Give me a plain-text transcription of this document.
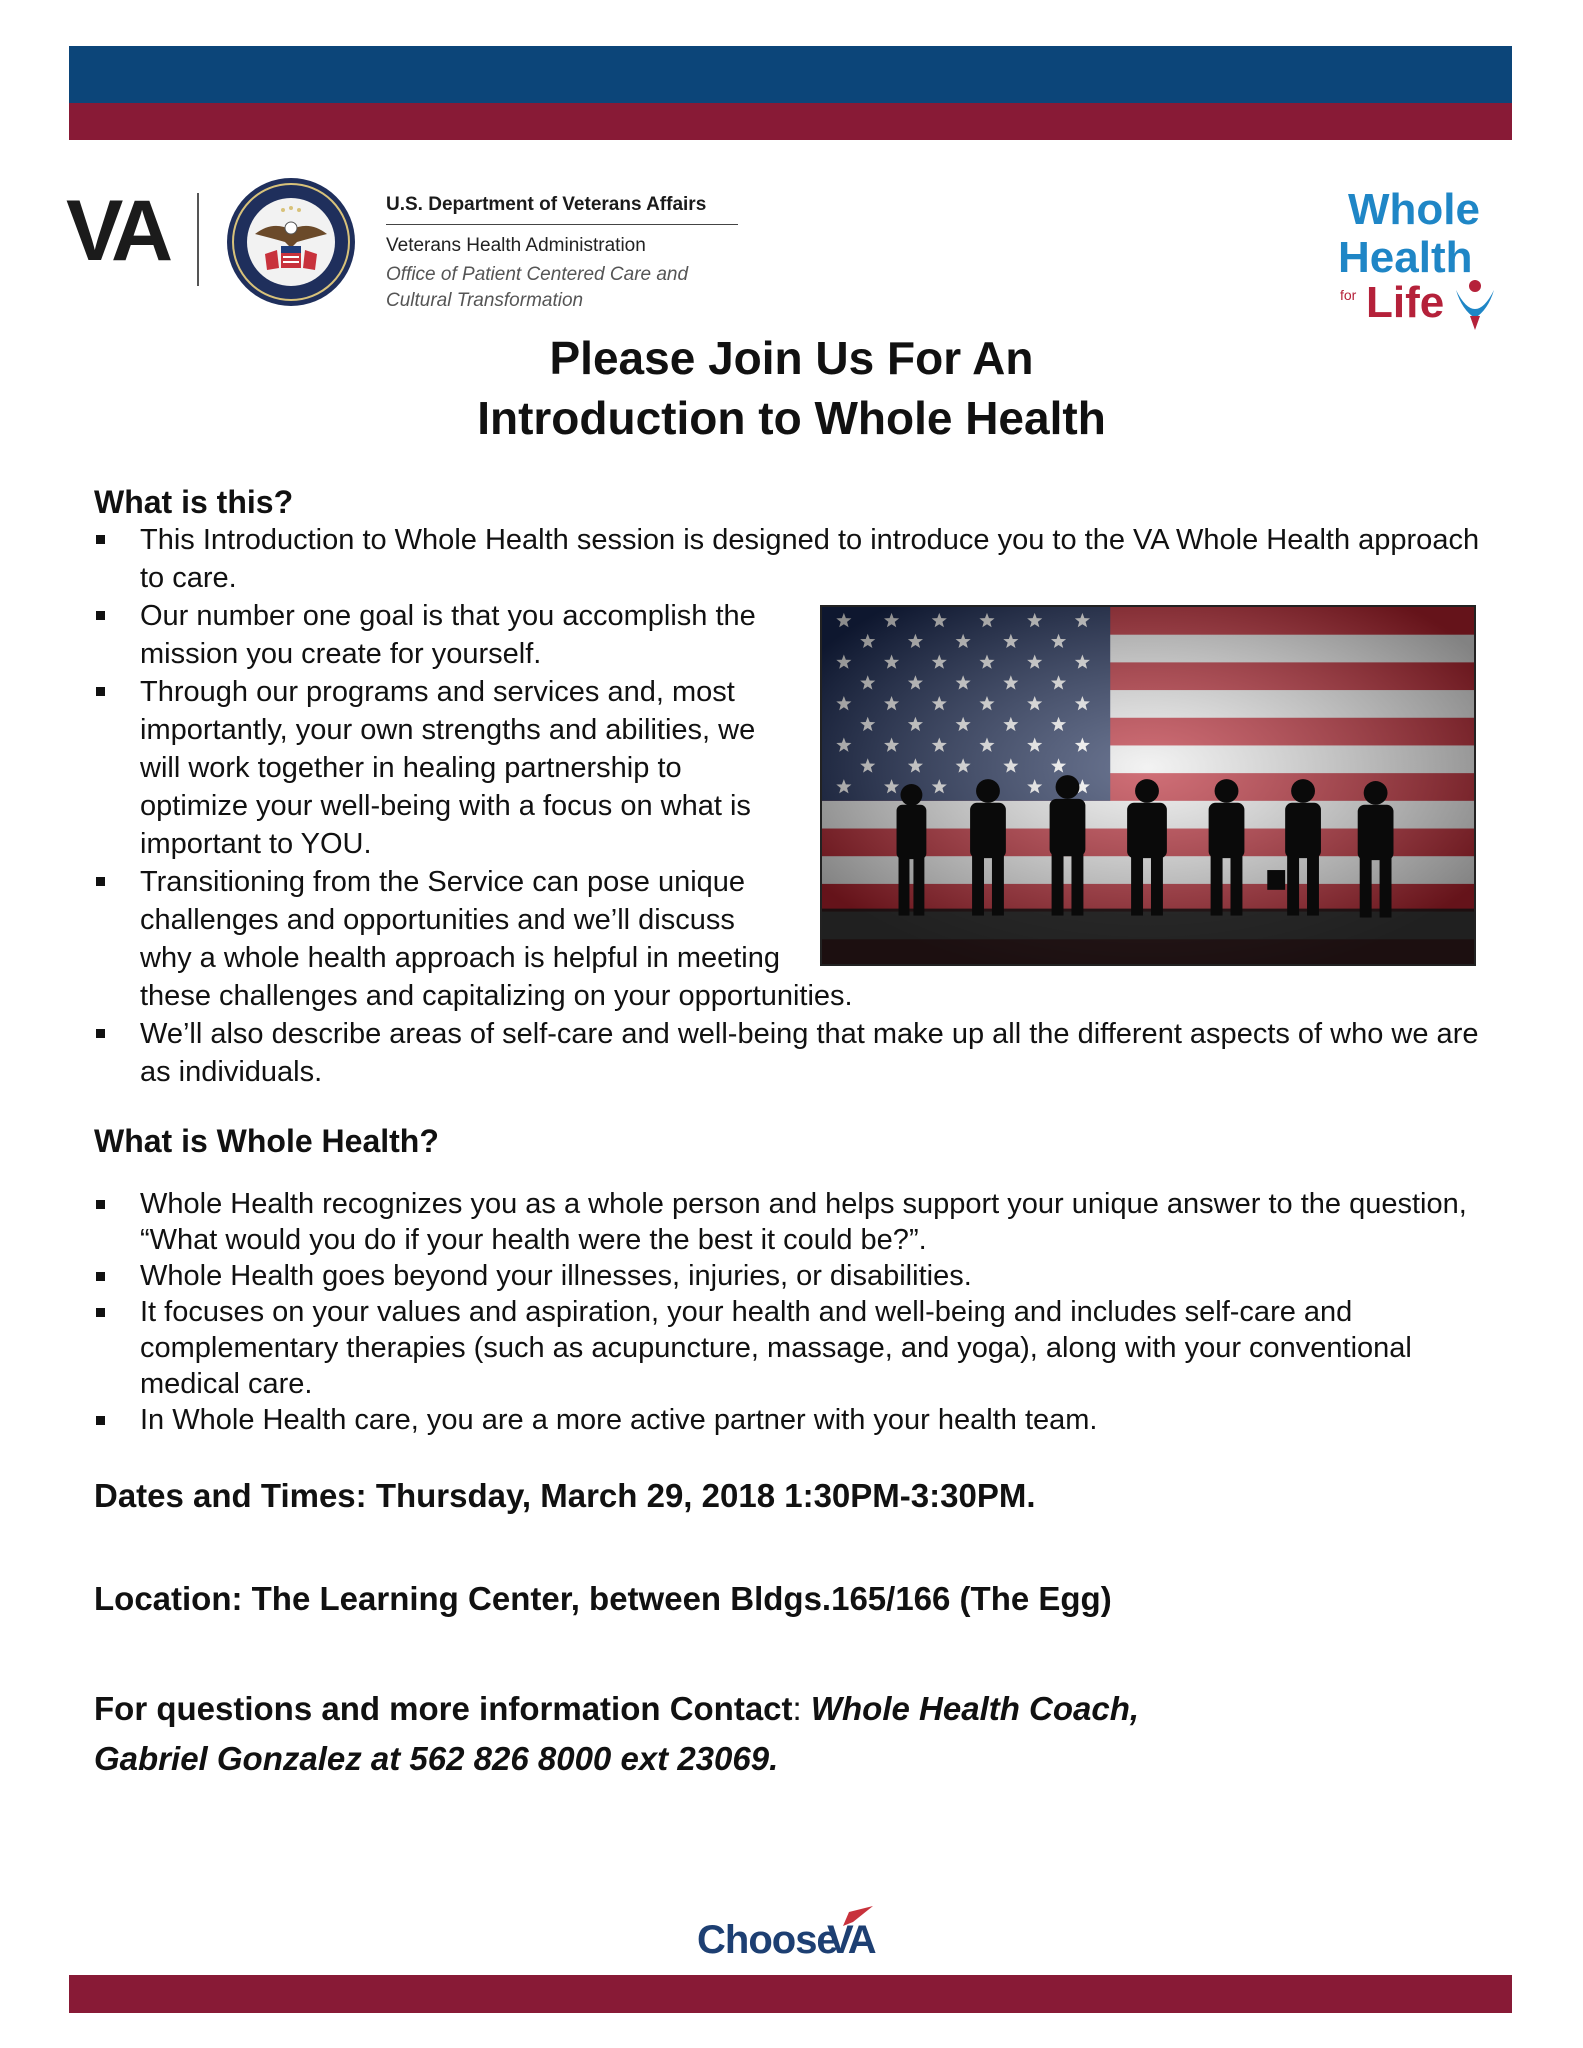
VA	U.S. Department of Veterans Affairs
Veterans Health Administration
Office of Patient Centered Care and
Cultural Transformation
Whole
Health
for Life
Please Join Us For An
Introduction to Whole Health
What is this?
This Introduction to Whole Health session is designed to introduce you to the VA Whole Health approach to care.
Our number one goal is that you accomplish the mission you create for yourself.
Through our programs and services and, most importantly, your own strengths and abilities, we will work together in healing partnership to optimize your well-being with a focus on what is important to YOU.
Transitioning from the Service can pose unique challenges and opportunities and we’ll discuss why a whole health approach is helpful in meeting these challenges and capitalizing on your opportunities.
We’ll also describe areas of self-care and well-being that make up all the different aspects of who we are as individuals.
What is Whole Health?
Whole Health recognizes you as a whole person and helps support your unique answer to the question, “What would you do if your health were the best it could be?”.
Whole Health goes beyond your illnesses, injuries, or disabilities.
It focuses on your values and aspiration, your health and well-being and includes self-care and complementary therapies (such as acupuncture, massage, and yoga), along with your conventional medical care.
In Whole Health care, you are a more active partner with your health team.
Dates and Times: Thursday, March 29, 2018 1:30PM-3:30PM.
Location: The Learning Center, between Bldgs.165/166 (The Egg)
For questions and more information Contact: Whole Health Coach,
Gabriel Gonzalez at 562 826 8000 ext 23069.
Choose
VA
